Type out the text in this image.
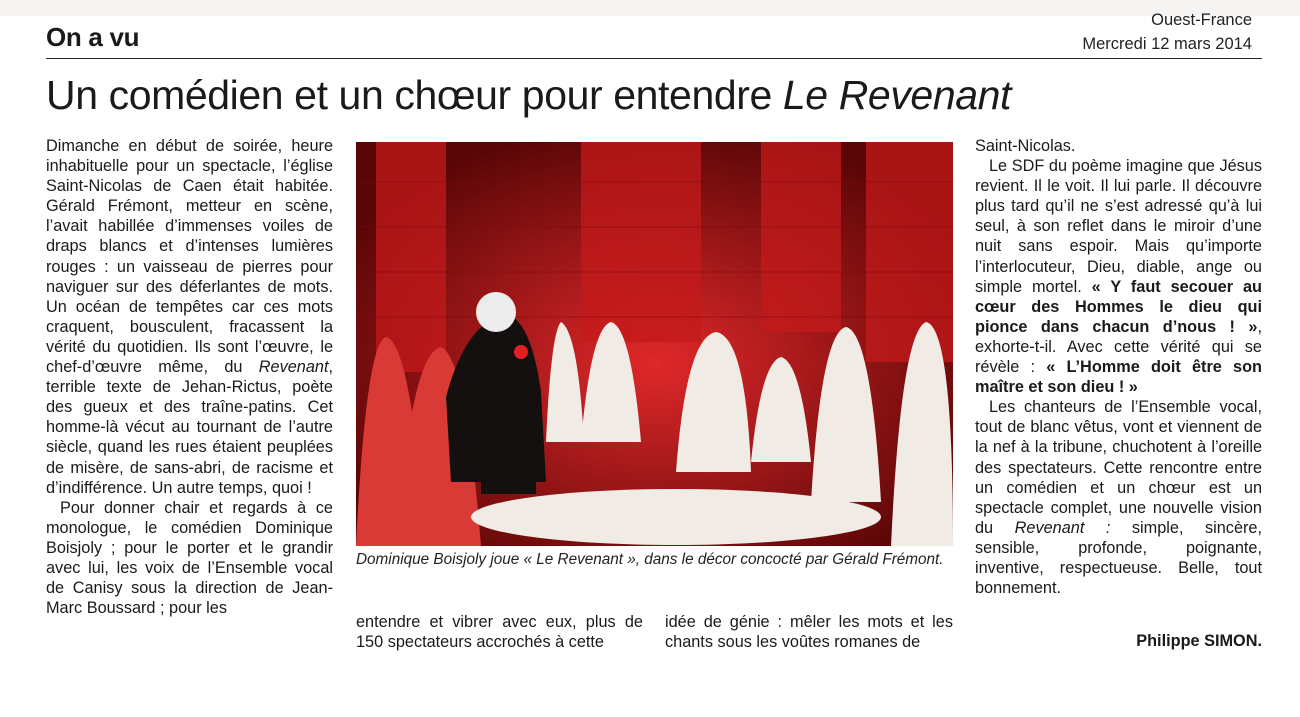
On a vu
Ouest-France
Mercredi 12 mars 2014
Un comédien et un chœur pour entendre Le Revenant

Dimanche en début de soirée, heure inhabituelle pour un spectacle, l’église Saint-Nicolas de Caen était habitée. Gérald Frémont, metteur en scène, l’avait habillée d’immenses voiles de draps blancs et d’intenses lumières rouges : un vaisseau de pierres pour naviguer sur des déferlantes de mots. Un océan de tempêtes car ces mots craquent, bousculent, fracassent la vérité du quotidien. Ils sont l’œuvre, le chef-d’œuvre même, du Revenant, terrible texte de Jehan-Rictus, poète des gueux et des traîne-patins. Cet homme-là vécut au tournant de l’autre siècle, quand les rues étaient peuplées de misère, de sans-abri, de racisme et d’indifférence. Un autre temps, quoi !

Pour donner chair et regards à ce monologue, le comédien Dominique Boisjoly ; pour le porter et le grandir avec lui, les voix de l’Ensemble vocal de Canisy sous la direction de Jean-Marc Boussard ; pour les

Dominique Boisjoly joue « Le Revenant », dans le décor concocté par Gérald Frémont.

entendre et vibrer avec eux, plus de 150 spectateurs accrochés à cette

idée de génie : mêler les mots et les chants sous les voûtes romanes de

Saint-Nicolas.

Le SDF du poème imagine que Jésus revient. Il le voit. Il lui parle. Il découvre plus tard qu’il ne s’est adressé qu’à lui seul, à son reflet dans le miroir d’une nuit sans espoir. Mais qu’importe l’interlocuteur, Dieu, diable, ange ou simple mortel. « Y faut secouer au cœur des Hommes le dieu qui pionce dans chacun d’nous ! », exhorte-t-il. Avec cette vérité qui se révèle : « L’Homme doit être son maître et son dieu ! »

Les chanteurs de l’Ensemble vocal, tout de blanc vêtus, vont et viennent de la nef à la tribune, chuchotent à l’oreille des spectateurs. Cette rencontre entre un comédien et un chœur est un spectacle complet, une nouvelle vision du Revenant : simple, sincère, sensible, profonde, poignante, inventive, respectueuse. Belle, tout bonnement.

Philippe SIMON.
